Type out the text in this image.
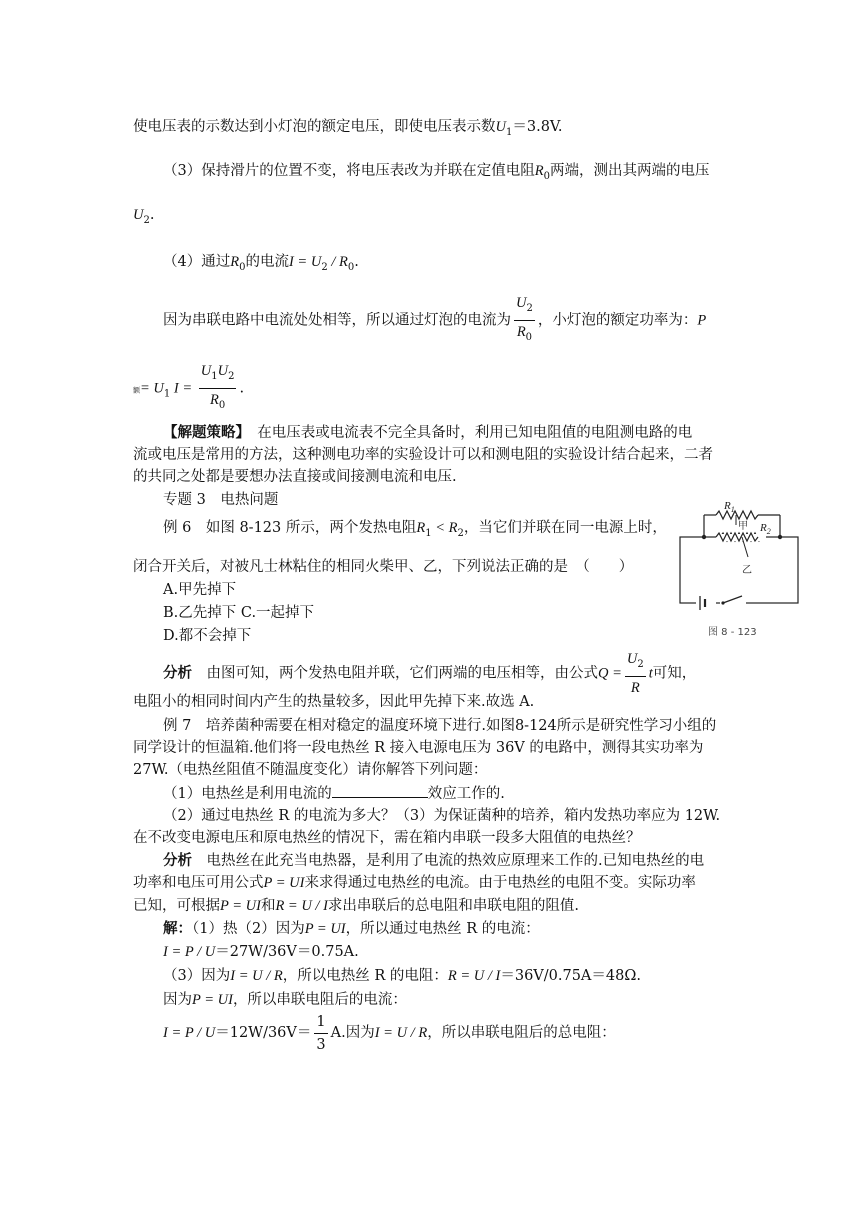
使电压表的示数达到小灯泡的额定电压，即使电压表示数$U_1=3.8V$.
（3）保持滑片的位置不变，将电压表改为并联在定值电阻$R_0$两端，测出其两端的电压
$U_2$.
（4）通过$R_0$的电流$I = U_2 / R_0$.
因为串联电路中电流处处相等，所以通过灯泡的电流为 $\frac{U_2}{R_0}$ ，小灯泡的额定功率为：P
额= $U_1$ $I = \frac{U_1U_2}{R_0}$ .
【解题策略】　在电压表或电流表不完全具备时，利用已知电阻值的电阻测电路的电
流或电压是常用的方法，这种测电功率的实验设计可以和测电阻的实验设计结合起来，二者
的共同之处都是要想办法直接或间接测电流和电压.
专题 3　电热问题
例 6　如图 8-123 所示，两个发热电阻$R_1 < R_2$，当它们并联在同一电源上时，
闭合开关后，对被凡士林粘住的相同火柴甲、乙，下列说法正确的是　（　　）
A.甲先掉下
B.乙先掉下 C.一起掉下
D.都不会掉下
分析　由图可知，两个发热电阻并联，它们两端的电压相等，由公式$Q = \frac{U_2}{R}$ t可知，
电阻小的相同时间内产生的热量较多，因此甲先掉下来.故选 A.
例 7　培养菌种需要在相对稳定的温度环境下进行.如图8-124所示是研究性学习小组的
同学设计的恒温箱.他们将一段电热丝 R 接入电源电压为 36V 的电路中，测得其实功率为
27W.（电热丝阻值不随温度变化）请你解答下列问题：
（1）电热丝是利用电流的	效应工作的.
（2）通过电热丝 R 的电流为多大？（3）为保证菌种的培养，箱内发热功率应为 12W.
在不改变电源电压和原电热丝的情况下，需在箱内串联一段多大阻值的电热丝？
分析　电热丝在此充当电热器，是利用了电流的热效应原理来工作的.已知电热丝的电
功率和电压可用公式P = UI来求得通过电热丝的电流。由于电热丝的电阻不变。实际功率
已知，可根据P = UI和R = U / I求出串联后的总电阻和串联电阻的阻值.
解：（1）热（2）因为P = UI，所以通过电热丝 R 的电流：
I = P / U＝27W/36V＝0.75A.
（3）因为I = U / R，所以电热丝 R 的电阻：R = U / I＝36V/0.75A＝48Ω.
因为P = UI，所以串联电阻后的电流：
$I = P / U=12W/36V= \frac{1}{3} A$.因为I = U / R，所以串联电阻后的总电阻：
$R_1$
甲 $R_2$
乙
图 8 - 123
